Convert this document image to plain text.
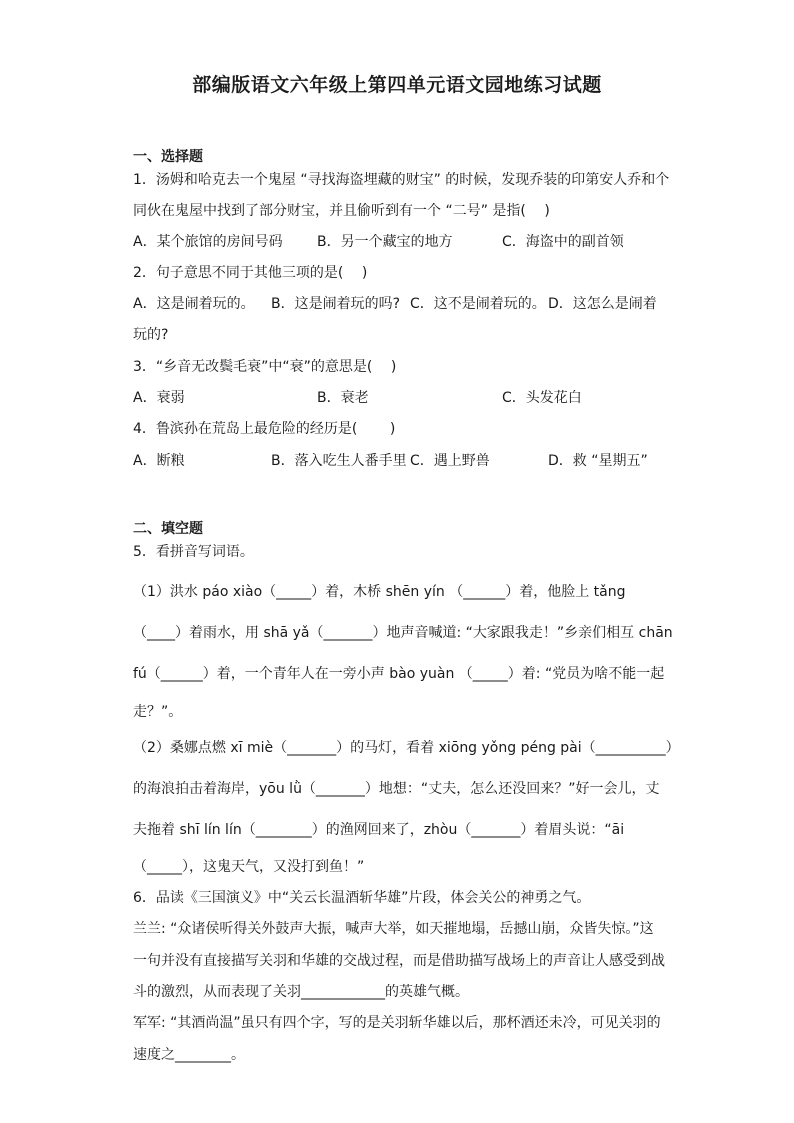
部编版语文六年级上第四单元语文园地练习试题
一、选择题
1．汤姆和哈克去一个鬼屋 “寻找海盗埋藏的财宝” 的时候，发现乔装的印第安人乔和个
同伙在鬼屋中找到了部分财宝，并且偷听到有一个 “二号” 是指(　 )
A．某个旅馆的房间号码 B．另一个藏宝的地方	C．海盗中的副首领
2．句子意思不同于其他三项的是(　 )
A．这是闹着玩的。 B．这是闹着玩的吗? C．这不是闹着玩的。 D．这怎么是闹着
玩的?
3．“乡音无改鬓毛衰”中“衰”的意思是(　 )
A．衰弱	B．衰老	C．头发花白
4．鲁滨孙在荒岛上最危险的经历是(　　 )
A．断粮	B．落入吃生人番手里 C．遇上野兽	D．救 “星期五”
二、填空题
5．看拼音写词语。
（1）洪水 páo xiào（_____）着，木桥 shēn yín （______）着，他脸上 tǎng
（____）着雨水，用 shā yǎ（_______）地声音喊道: “大家跟我走！”乡亲们相互 chān
fú（______）着，一个青年人在一旁小声 bào yuàn （_____）着: “党员为啥不能一起
走？”。
（2）桑娜点燃 xī miè（_______）的马灯，看着 xiōng yǒng péng pài（__________）
的海浪拍击着海岸，yōu lǜ（_______）地想：“丈夫，怎么还没回来？”好一会儿，丈
夫拖着 shī lín lín（________）的渔网回来了，zhòu（_______）着眉头说：“āi
（_____），这鬼天气，又没打到鱼！”
6．品读《三国演义》中“关云长温酒斩华雄”片段，体会关公的神勇之气。
兰兰: “众诸侯听得关外鼓声大振，喊声大举，如天摧地塌，岳撼山崩，众皆失惊。”这
一句并没有直接描写关羽和华雄的交战过程，而是借助描写战场上的声音让人感受到战
斗的激烈，从而表现了关羽____________的英雄气概。
军军: “其酒尚温”虽只有四个字，写的是关羽斩华雄以后，那杯酒还未冷，可见关羽的
速度之________。
